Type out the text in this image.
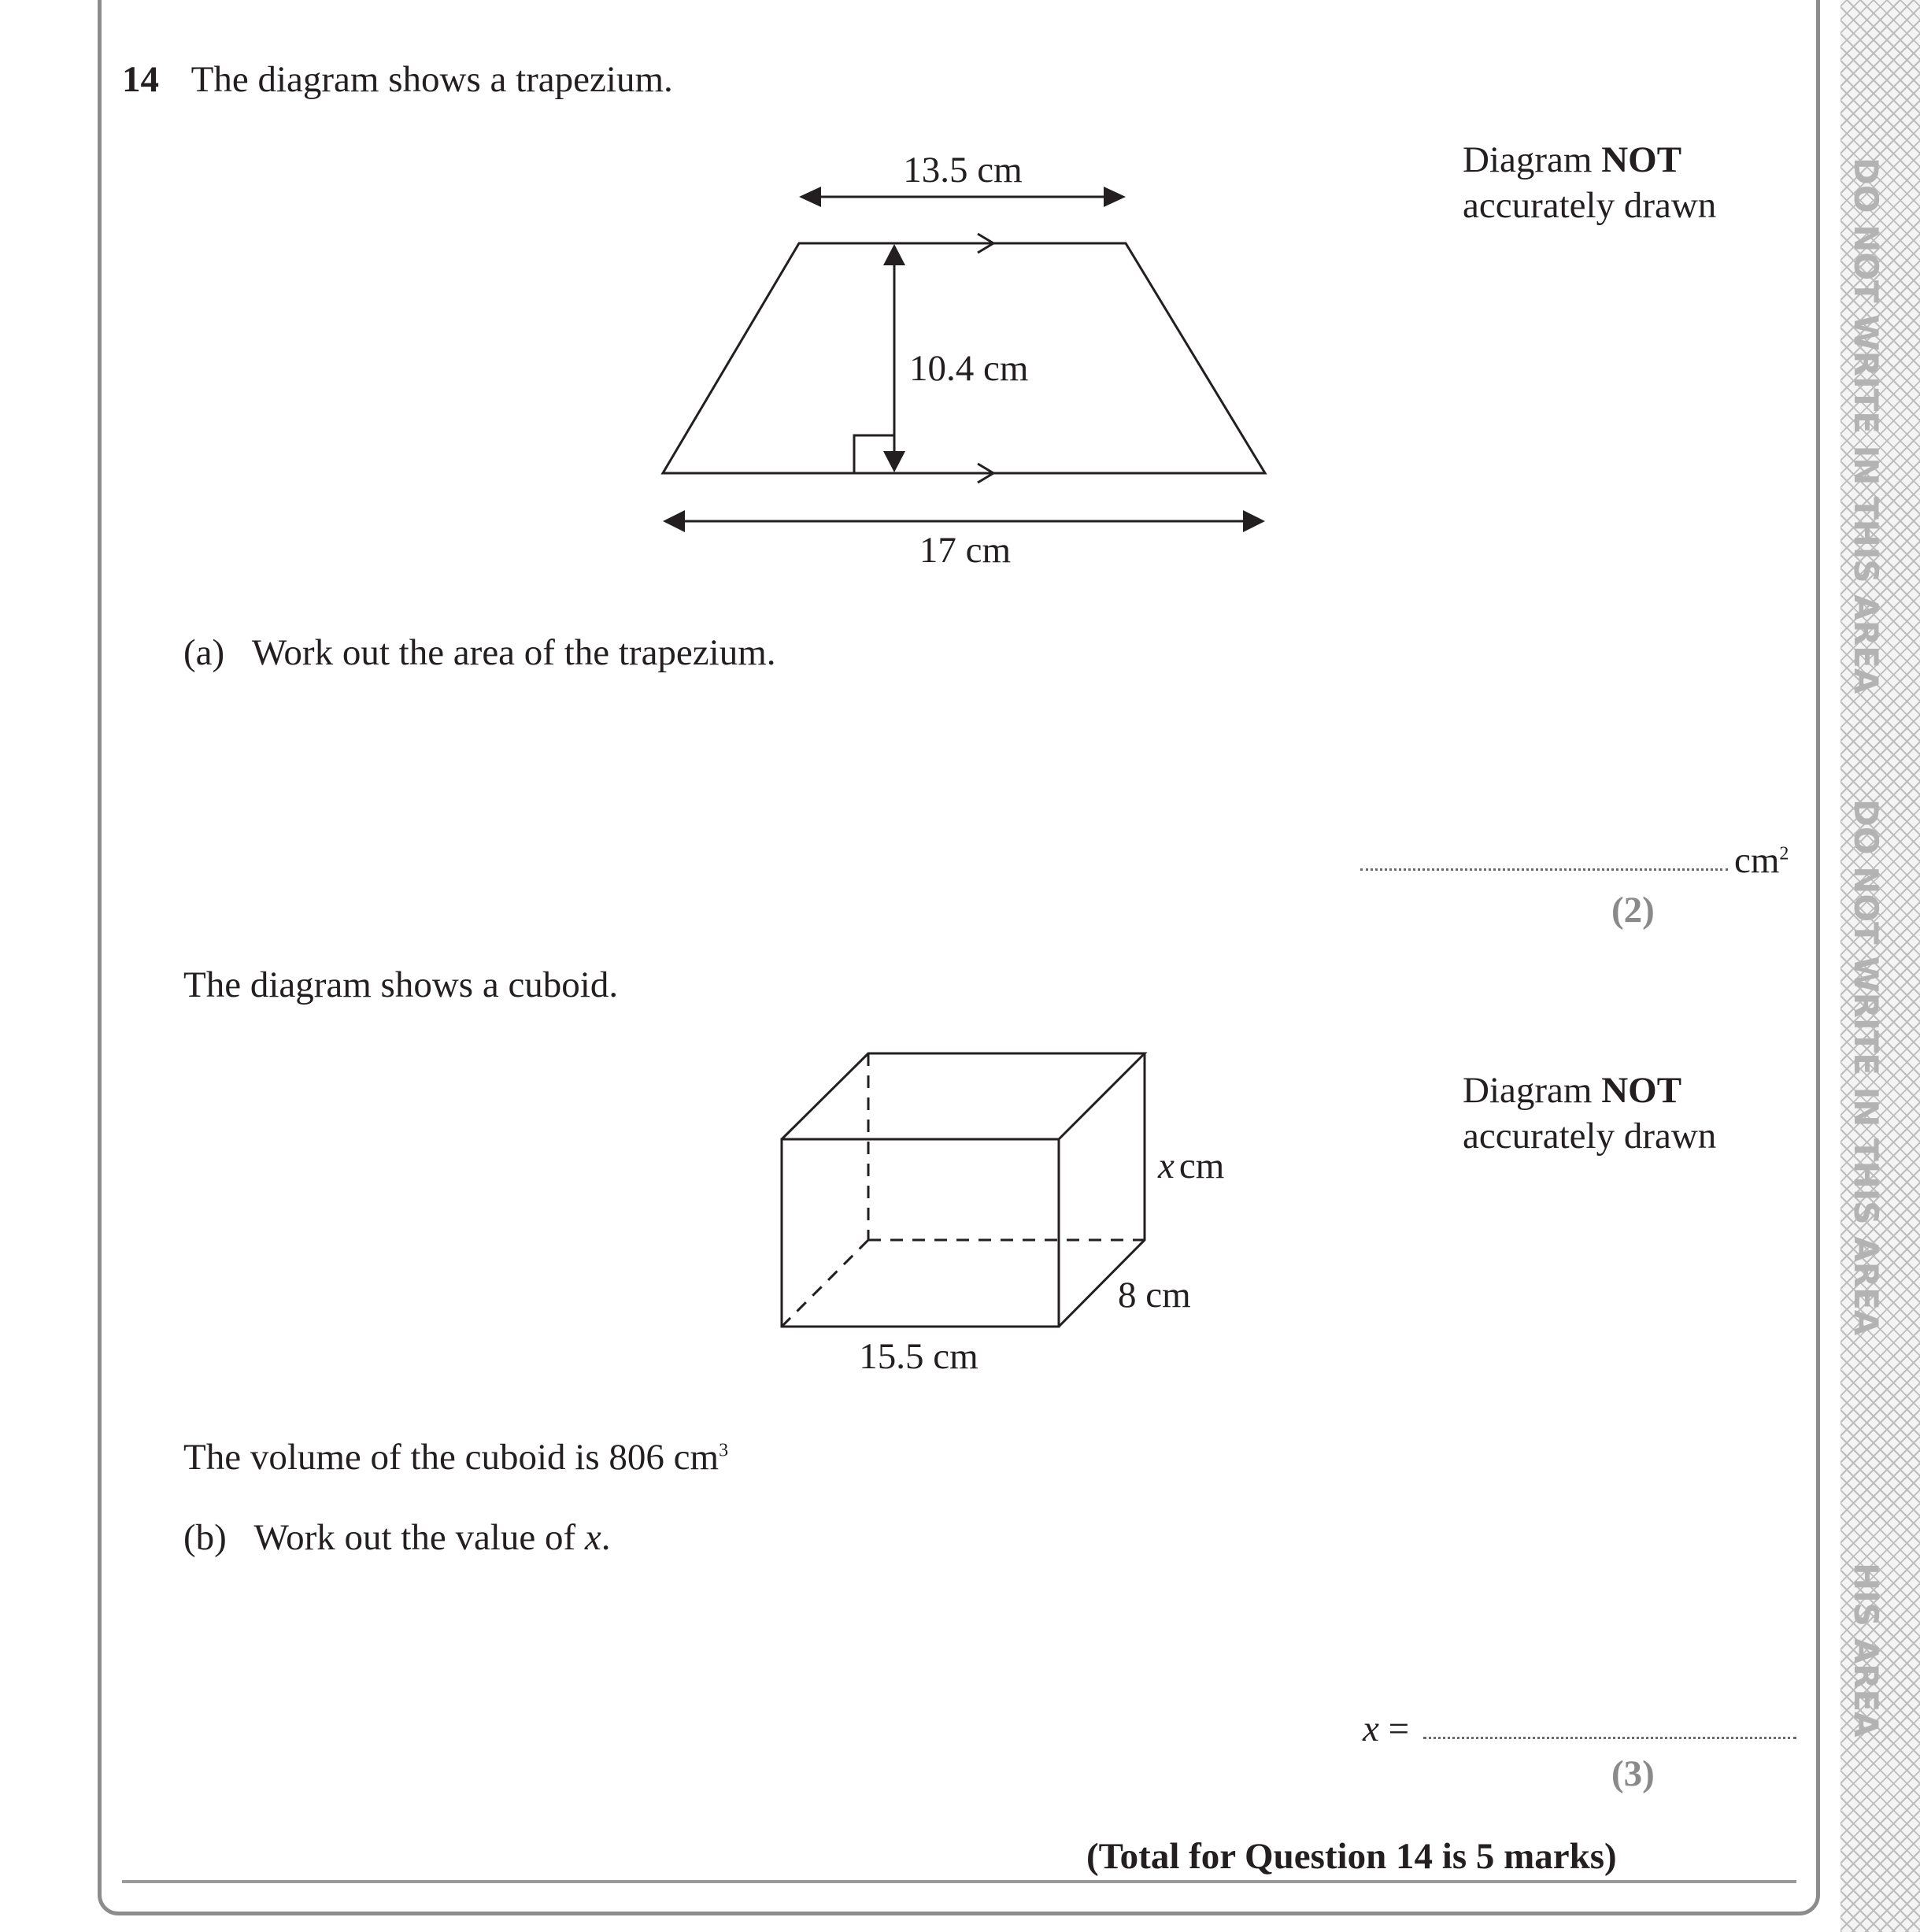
14 The diagram shows a trapezium.
Diagram NOT
accurately drawn
13.5 cm
10.4 cm
17 cm
(a) Work out the area of the trapezium.
$cm^2$
(2)
The diagram shows a cuboid.
Diagram NOT
accurately drawn
x cm
8 cm
15.5 cm
The volume of the cuboid is 806 $cm^3$
(b) Work out the value of x.
x =
(3)
(Total for Question 14 is 5 marks)
DO NOT WRITE IN THIS AREA
DO NOT WRITE IN THIS AREA
HIS AREA
